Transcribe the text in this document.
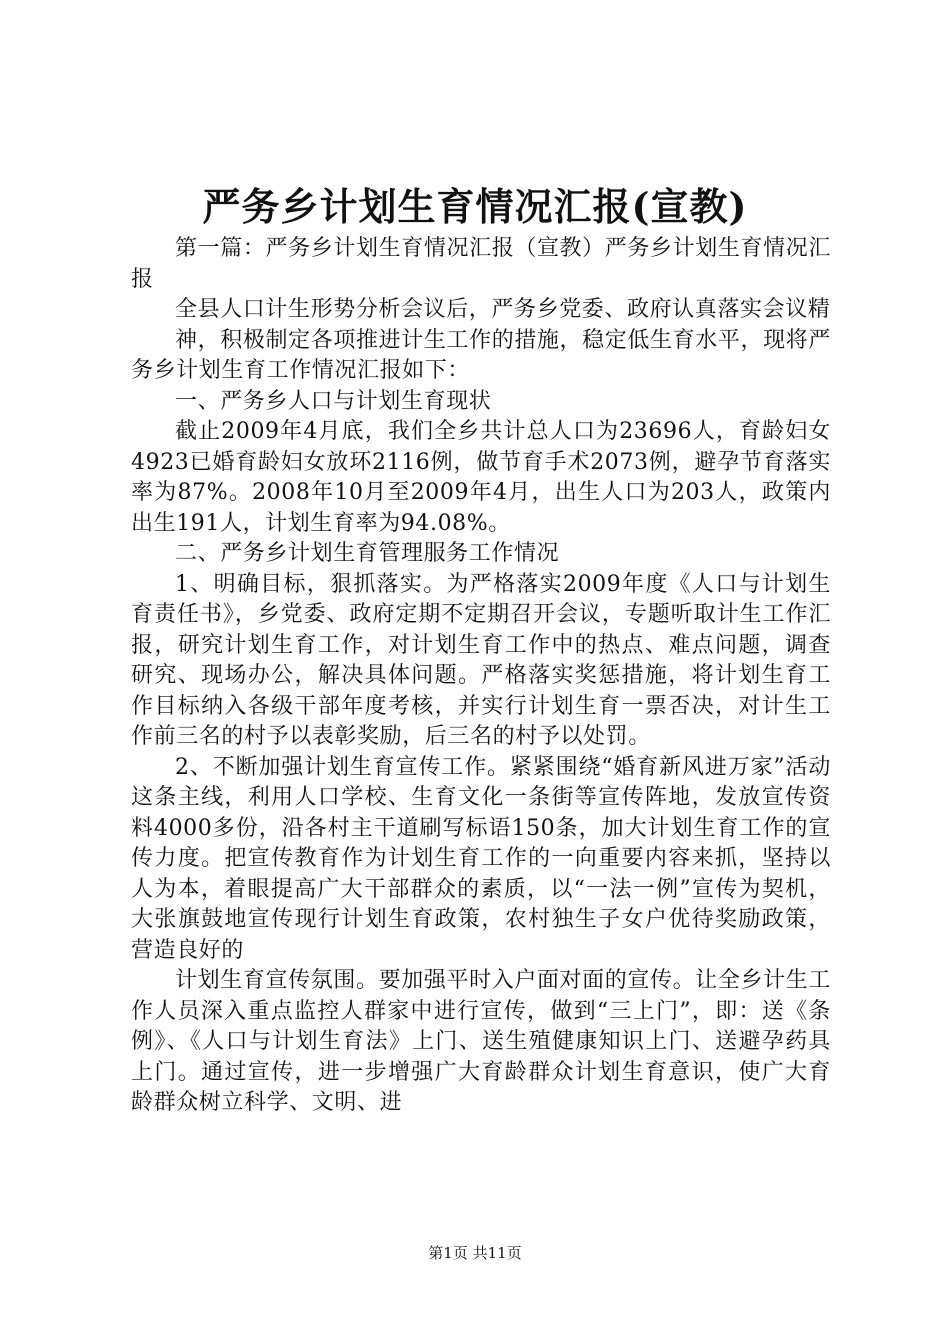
严务乡计划生育情况汇报(宣教)

第一篇：严务乡计划生育情况汇报（宣教）严务乡计划生育情况汇报

全县人口计生形势分析会议后，严务乡党委、政府认真落实会议精

神，积极制定各项推进计生工作的措施，稳定低生育水平，现将严务乡计划生育工作情况汇报如下：

一、严务乡人口与计划生育现状

截止2009年4月底，我们全乡共计总人口为23696人，育龄妇女4923已婚育龄妇女放环2116例，做节育手术2073例，避孕节育落实率为87%。2008年10月至2009年4月，出生人口为203人，政策内出生191人，计划生育率为94.08%。

二、严务乡计划生育管理服务工作情况

1、明确目标，狠抓落实。为严格落实2009年度《人口与计划生育责任书》，乡党委、政府定期不定期召开会议，专题听取计生工作汇报，研究计划生育工作，对计划生育工作中的热点、难点问题，调查研究、现场办公，解决具体问题。严格落实奖惩措施，将计划生育工作目标纳入各级干部年度考核，并实行计划生育一票否决，对计生工作前三名的村予以表彰奖励，后三名的村予以处罚。

2、不断加强计划生育宣传工作。紧紧围绕“婚育新风进万家”活动这条主线，利用人口学校、生育文化一条街等宣传阵地，发放宣传资料4000多份，沿各村主干道刷写标语150条，加大计划生育工作的宣传力度。把宣传教育作为计划生育工作的一向重要内容来抓，坚持以人为本，着眼提高广大干部群众的素质，以“一法一例”宣传为契机，大张旗鼓地宣传现行计划生育政策，农村独生子女户优待奖励政策，营造良好的

计划生育宣传氛围。要加强平时入户面对面的宣传。让全乡计生工作人员深入重点监控人群家中进行宣传，做到“三上门”，即：送《条例》、《人口与计划生育法》上门、送生殖健康知识上门、送避孕药具上门。通过宣传，进一步增强广大育龄群众计划生育意识，使广大育龄群众树立科学、文明、进

第1页 共11页
